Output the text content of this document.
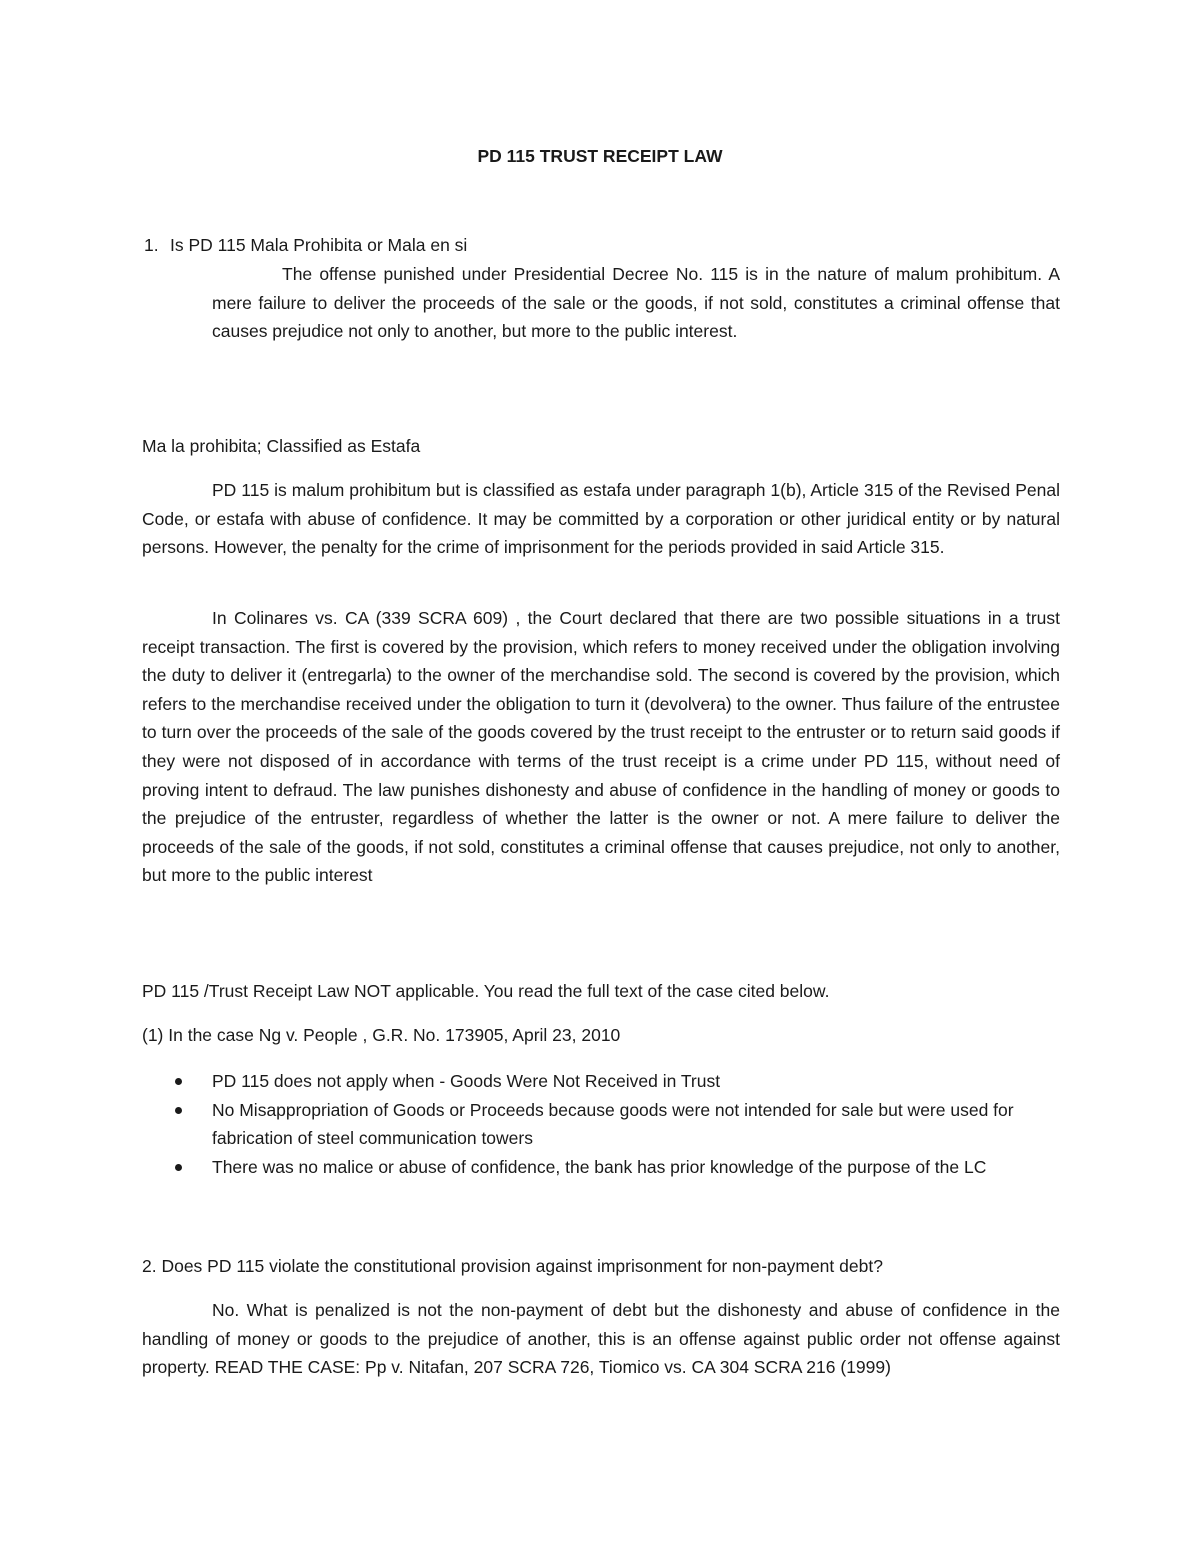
PD 115 TRUST RECEIPT LAW
1. Is PD 115 Mala Prohibita or Mala en si

The offense punished under Presidential Decree No. 115 is in the nature of malum prohibitum. A mere failure to deliver the proceeds of the sale or the goods, if not sold, constitutes a criminal offense that causes prejudice not only to another, but more to the public interest.

Ma la prohibita; Classified as Estafa

PD 115 is malum prohibitum but is classified as estafa under paragraph 1(b), Article 315 of the Revised Penal Code, or estafa with abuse of confidence. It may be committed by a corporation or other juridical entity or by natural persons. However, the penalty for the crime of imprisonment for the periods provided in said Article 315.

In Colinares vs. CA (339 SCRA 609) , the Court declared that there are two possible situations in a trust receipt transaction. The first is covered by the provision, which refers to money received under the obligation involving the duty to deliver it (entregarla) to the owner of the merchandise sold. The second is covered by the provision, which refers to the merchandise received under the obligation to turn it (devolvera) to the owner. Thus failure of the entrustee to turn over the proceeds of the sale of the goods covered by the trust receipt to the entruster or to return said goods if they were not disposed of in accordance with terms of the trust receipt is a crime under PD 115, without need of proving intent to defraud. The law punishes dishonesty and abuse of confidence in the handling of money or goods to the prejudice of the entruster, regardless of whether the latter is the owner or not. A mere failure to deliver the proceeds of the sale of the goods, if not sold, constitutes a criminal offense that causes prejudice, not only to another, but more to the public interest

PD 115 /Trust Receipt Law NOT applicable. You read the full text of the case cited below.

(1) In the case Ng v. People , G.R. No. 173905, April 23, 2010

PD 115 does not apply when - Goods Were Not Received in Trust
No Misappropriation of Goods or Proceeds because goods were not intended for sale but were used for fabrication of steel communication towers
There was no malice or abuse of confidence, the bank has prior knowledge of the purpose of the LC

2. Does PD 115 violate the constitutional provision against imprisonment for non-payment debt?

No. What is penalized is not the non-payment of debt but the dishonesty and abuse of confidence in the handling of money or goods to the prejudice of another, this is an offense against public order not offense against property. READ THE CASE: Pp v. Nitafan, 207 SCRA 726, Tiomico vs. CA 304 SCRA 216 (1999)
